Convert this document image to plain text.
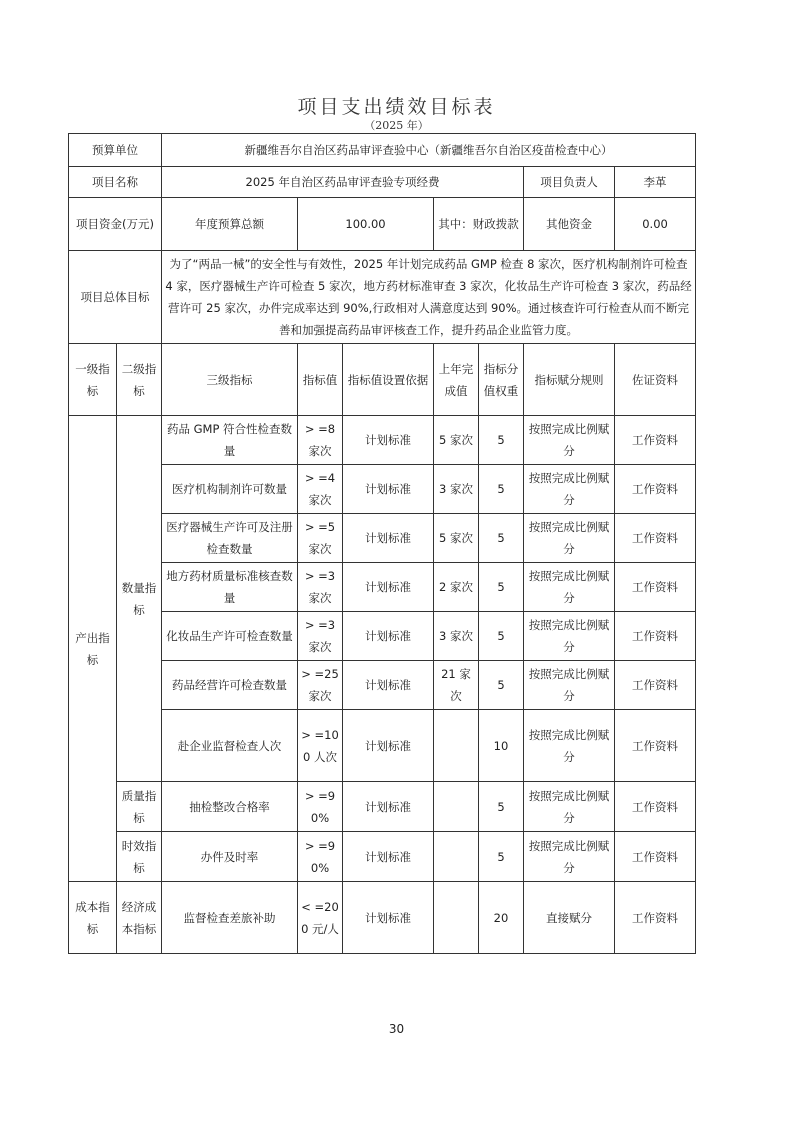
项目支出绩效目标表
（2025 年）
预算单位		新疆维吾尔自治区药品审评查验中心（新疆维吾尔自治区疫苗检查中心）						
项目名称		2025 年自治区药品审评查验专项经费					项目负责人	李革
项目资金(万元)		年度预算总额	100.00		其中：财政拨款		其他资金	0.00
项目总体目标		为了“两品一械”的安全性与有效性，2025 年计划完成药品 GMP 检查 8 家次，医疗机构制剂许可检查 4 家，医疗器械生产许可检查 5 家次，地方药材标准审查 3 家次，化妆品生产许可检查 3 家次，药品经营许可 25 家次，办件完成率达到 90%,行政相对人满意度达到 90%。通过核查许可行检查从而不断完善和加强提高药品审评核查工作，提升药品企业监管力度。						
一级指标	二级指标	三级指标	指标值	指标值设置依据	上年完成值	指标分值权重	指标赋分规则	佐证资料
产出指标	数量指标	药品 GMP 符合性检查数量	> =8 家次	计划标准	5 家次	5	按照完成比例赋分	工作资料
		医疗机构制剂许可数量	> =4 家次	计划标准	3 家次	5	按照完成比例赋分	工作资料
		医疗器械生产许可及注册检查数量	> =5 家次	计划标准	5 家次	5	按照完成比例赋分	工作资料
		地方药材质量标准核查数量	> =3 家次	计划标准	2 家次	5	按照完成比例赋分	工作资料
		化妆品生产许可检查数量	> =3 家次	计划标准	3 家次	5	按照完成比例赋分	工作资料
		药品经营许可检查数量	> =25 家次	计划标准	21 家次	5	按照完成比例赋分	工作资料
		赴企业监督检查人次	> =100 人次	计划标准		10	按照完成比例赋分	工作资料
	质量指标	抽检整改合格率	> =90%	计划标准		5	按照完成比例赋分	工作资料
	时效指标	办件及时率	> =90%	计划标准		5	按照完成比例赋分	工作资料
成本指标	经济成本指标	监督检查差旅补助	< =200 元/人	计划标准		20	直接赋分	工作资料
30
